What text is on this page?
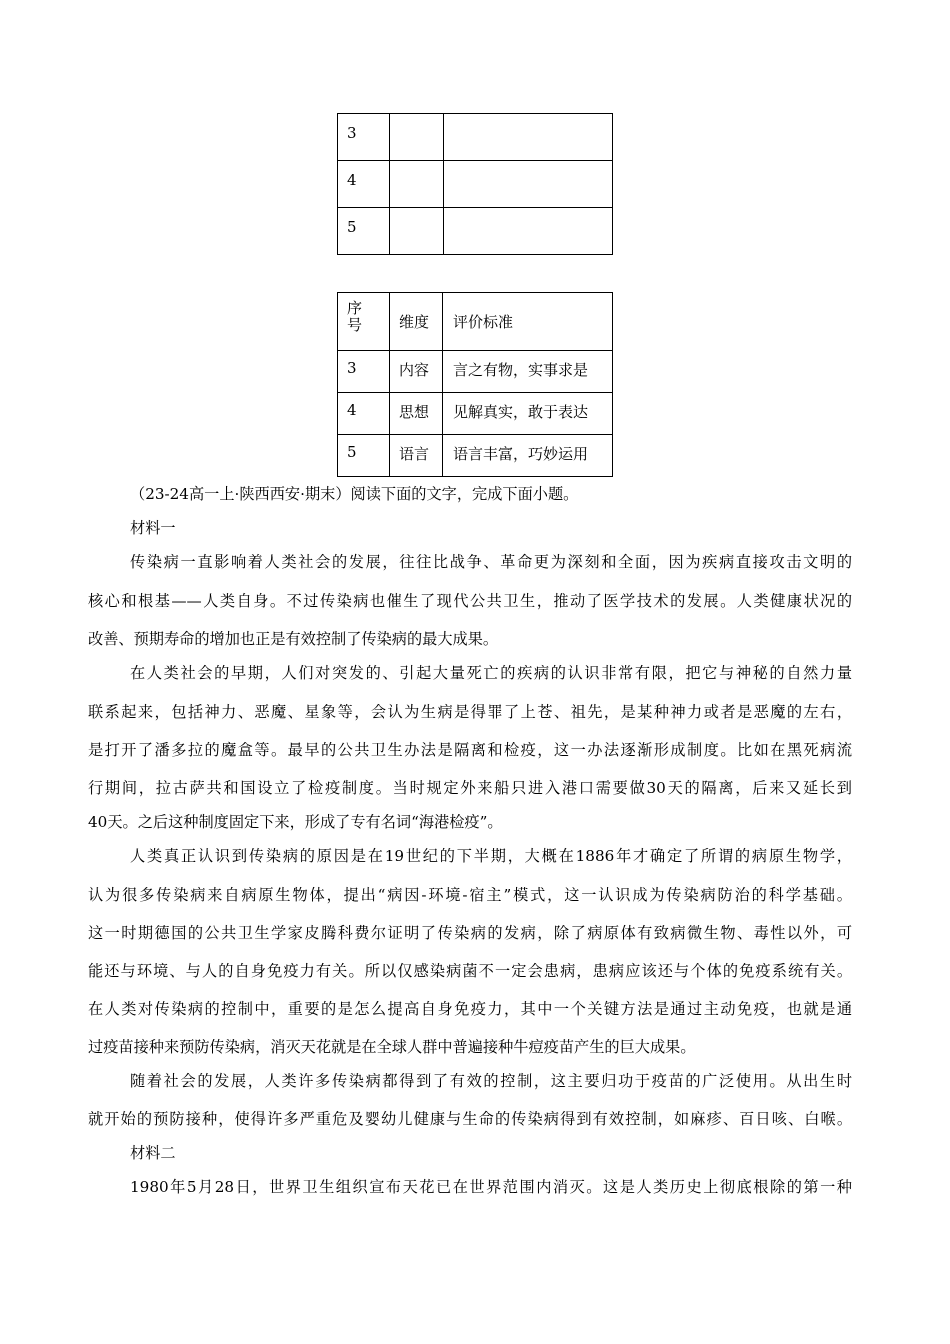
3		
4		
5		
序号	维度	评价标准
3	内容	言之有物，实事求是
4	思想	见解真实，敢于表达
5	语言	语言丰富，巧妙运用
（23-24高一上·陕西西安·期末）阅读下面的文字，完成下面小题。
材料一
传染病一直影响着人类社会的发展，往往比战争、革命更为深刻和全面，因为疾病直接攻击文明的
核心和根基——人类自身。不过传染病也催生了现代公共卫生，推动了医学技术的发展。人类健康状况的
改善、预期寿命的增加也正是有效控制了传染病的最大成果。
在人类社会的早期，人们对突发的、引起大量死亡的疾病的认识非常有限，把它与神秘的自然力量
联系起来，包括神力、恶魔、星象等，会认为生病是得罪了上苍、祖先，是某种神力或者是恶魔的左右，
是打开了潘多拉的魔盒等。最早的公共卫生办法是隔离和检疫，这一办法逐渐形成制度。比如在黑死病流
行期间，拉古萨共和国设立了检疫制度。当时规定外来船只进入港口需要做30天的隔离，后来又延长到
40天。之后这种制度固定下来，形成了专有名词“海港检疫”。
人类真正认识到传染病的原因是在19世纪的下半期，大概在1886年才确定了所谓的病原生物学，
认为很多传染病来自病原生物体，提出“病因-环境-宿主”模式，这一认识成为传染病防治的科学基础。
这一时期德国的公共卫生学家皮腾科费尔证明了传染病的发病，除了病原体有致病微生物、毒性以外，可
能还与环境、与人的自身免疫力有关。所以仅感染病菌不一定会患病，患病应该还与个体的免疫系统有关。
在人类对传染病的控制中，重要的是怎么提高自身免疫力，其中一个关键方法是通过主动免疫，也就是通
过疫苗接种来预防传染病，消灭天花就是在全球人群中普遍接种牛痘疫苗产生的巨大成果。
随着社会的发展，人类许多传染病都得到了有效的控制，这主要归功于疫苗的广泛使用。从出生时
就开始的预防接种，使得许多严重危及婴幼儿健康与生命的传染病得到有效控制，如麻疹、百日咳、白喉。
材料二
1980年5月28日，世界卫生组织宣布天花已在世界范围内消灭。这是人类历史上彻底根除的第一种
